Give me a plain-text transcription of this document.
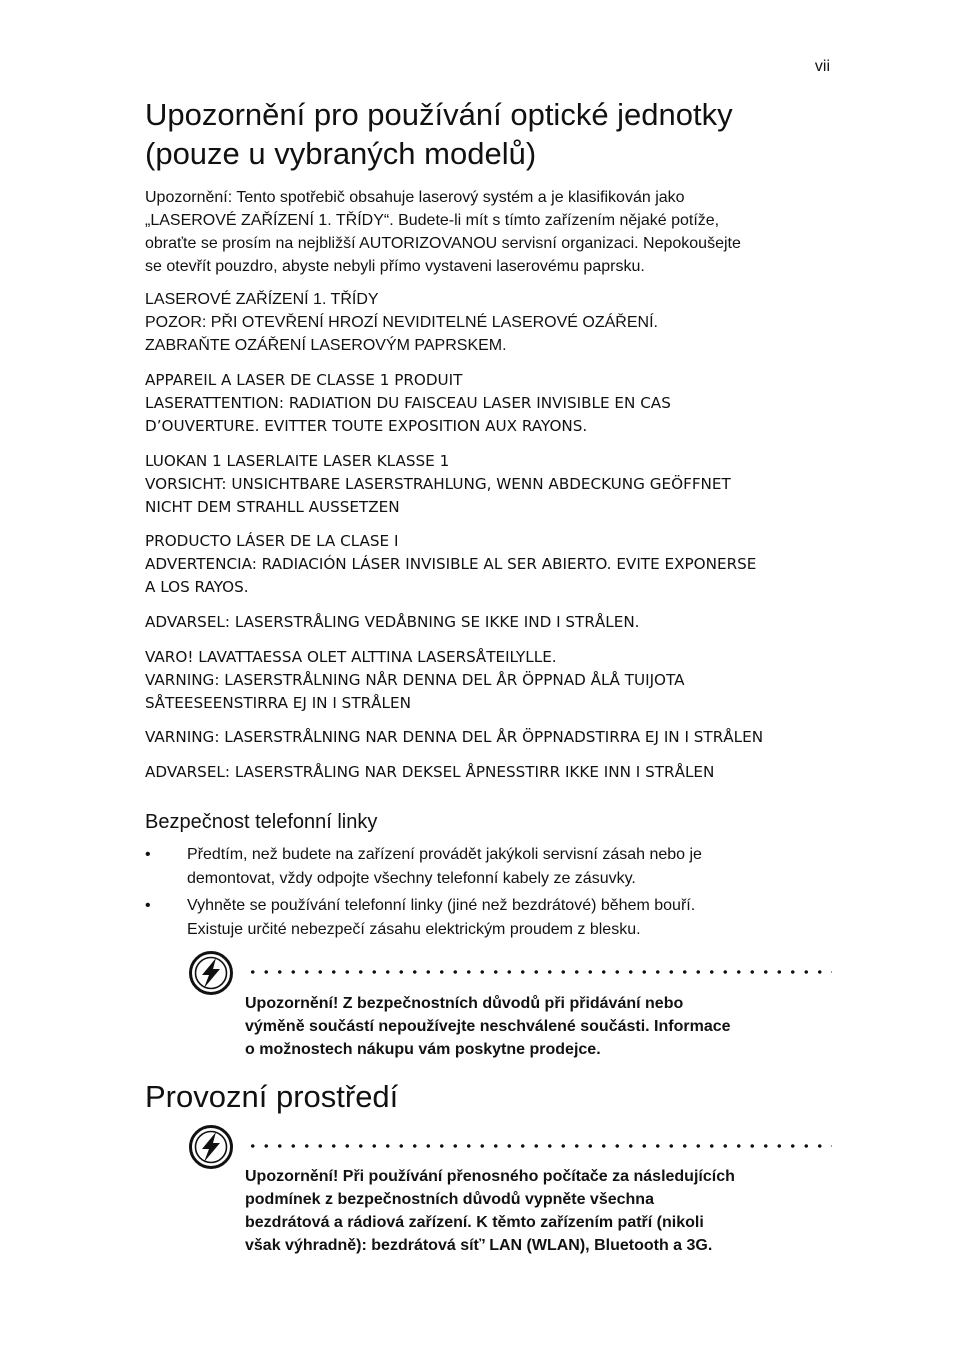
vii
Upozornění pro používání optické jednotky
(pouze u vybraných modelů)
Upozornění: Tento spotřebič obsahuje laserový systém a je klasifikován jako
„LASEROVÉ ZAŘÍZENÍ 1. TŘÍDY“. Budete-li mít s tímto zařízením nějaké potíže,
obraťte se prosím na nejbližší AUTORIZOVANOU servisní organizaci. Nepokoušejte
se otevřít pouzdro, abyste nebyli přímo vystaveni laserovému paprsku.
LASEROVÉ ZAŘÍZENÍ 1. TŘÍDY
POZOR: PŘI OTEVŘENÍ HROZÍ NEVIDITELNÉ LASEROVÉ OZÁŘENÍ.
ZABRAŇTE OZÁŘENÍ LASEROVÝM PAPRSKEM.
APPAREIL A LASER DE CLASSE 1 PRODUIT
LASERATTENTION: RADIATION DU FAISCEAU LASER INVISIBLE EN CAS
D’OUVERTURE. EVITTER TOUTE EXPOSITION AUX RAYONS.
LUOKAN 1 LASERLAITE LASER KLASSE 1
VORSICHT: UNSICHTBARE LASERSTRAHLUNG, WENN ABDECKUNG GEÖFFNET
NICHT DEM STRAHLL AUSSETZEN
PRODUCTO LÁSER DE LA CLASE I
ADVERTENCIA: RADIACIÓN LÁSER INVISIBLE AL SER ABIERTO. EVITE EXPONERSE
A LOS RAYOS.
ADVARSEL: LASERSTRÅLING VEDÅBNING SE IKKE IND I STRÅLEN.
VARO! LAVATTAESSA OLET ALTTINA LASERSÅTEILYLLE.
VARNING: LASERSTRÅLNING NÅR DENNA DEL ÅR ÖPPNAD ÅLÅ TUIJOTA
SÅTEESEENSTIRRA EJ IN I STRÅLEN
VARNING: LASERSTRÅLNING NAR DENNA DEL ÅR ÖPPNADSTIRRA EJ IN I STRÅLEN
ADVARSEL: LASERSTRÅLING NAR DEKSEL ÅPNESSTIRR IKKE INN I STRÅLEN
Bezpečnost telefonní linky
• Předtím, než budete na zařízení provádět jakýkoli servisní zásah nebo je
demontovat, vždy odpojte všechny telefonní kabely ze zásuvky.
• Vyhněte se používání telefonní linky (jiné než bezdrátové) během bouří.
Existuje určité nebezpečí zásahu elektrickým proudem z blesku.
Upozornění! Z bezpečnostních důvodů při přidávání nebo
výměně součástí nepoužívejte neschválené součásti. Informace
o možnostech nákupu vám poskytne prodejce.
Provozní prostředí
Upozornění! Při používání přenosného počítače za následujících
podmínek z bezpečnostních důvodů vypněte všechna
bezdrátová a rádiová zařízení. K těmto zařízením patří (nikoli
však výhradně): bezdrátová síť’ LAN (WLAN), Bluetooth a 3G.
